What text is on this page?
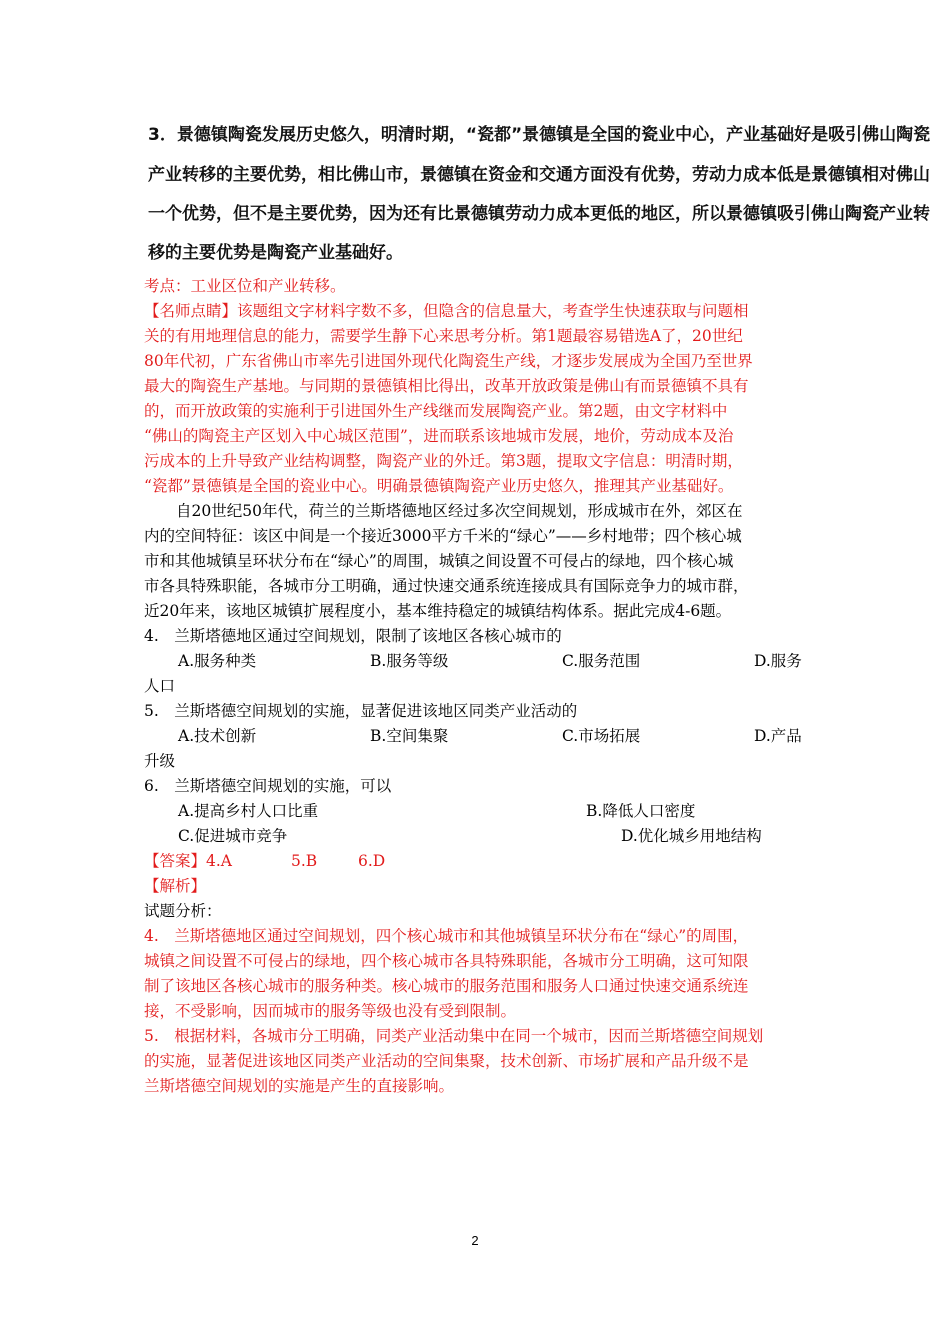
3．景德镇陶瓷发展历史悠久，明清时期，“瓷都”景德镇是全国的瓷业中心，产业基础好是吸引佛山陶瓷
产业转移的主要优势，相比佛山市，景德镇在资金和交通方面没有优势，劳动力成本低是景德镇相对佛山
一个优势，但不是主要优势，因为还有比景德镇劳动力成本更低的地区，所以景德镇吸引佛山陶瓷产业转
移的主要优势是陶瓷产业基础好。
考点：工业区位和产业转移。
【名师点睛】该题组文字材料字数不多，但隐含的信息量大，考查学生快速获取与问题相
关的有用地理信息的能力，需要学生静下心来思考分析。第1题最容易错选A了，20世纪
80年代初，广东省佛山市率先引进国外现代化陶瓷生产线，才逐步发展成为全国乃至世界
最大的陶瓷生产基地。与同期的景德镇相比得出，改革开放政策是佛山有而景德镇不具有
的，而开放政策的实施利于引进国外生产线继而发展陶瓷产业。第2题，由文字材料中
“佛山的陶瓷主产区划入中心城区范围”，进而联系该地城市发展，地价，劳动成本及治
污成本的上升导致产业结构调整，陶瓷产业的外迁。第3题，提取文字信息：明清时期，
“瓷都”景德镇是全国的瓷业中心。明确景德镇陶瓷产业历史悠久，推理其产业基础好。
自20世纪50年代，荷兰的兰斯塔德地区经过多次空间规划，形成城市在外，郊区在
内的空间特征：该区中间是一个接近3000平方千米的“绿心”——乡村地带；四个核心城
市和其他城镇呈环状分布在“绿心”的周围，城镇之间设置不可侵占的绿地，四个核心城
市各具特殊职能，各城市分工明确，通过快速交通系统连接成具有国际竞争力的城市群，
近20年来，该地区城镇扩展程度小，基本维持稳定的城镇结构体系。据此完成4-6题。
4.　兰斯塔德地区通过空间规划，限制了该地区各核心城市的
A.服务种类	B.服务等级	C.服务范围	D.服务
人口
5.　兰斯塔德空间规划的实施，显著促进该地区同类产业活动的
A.技术创新	B.空间集聚	C.市场拓展	D.产品
升级
6.　兰斯塔德空间规划的实施，可以
A.提高乡村人口比重	B.降低人口密度
C.促进城市竞争	D.优化城乡用地结构
【答案】 4.A	5.B	6.D
【解析】
试题分析：
4.　兰斯塔德地区通过空间规划，四个核心城市和其他城镇呈环状分布在“绿心”的周围，
城镇之间设置不可侵占的绿地，四个核心城市各具特殊职能，各城市分工明确，这可知限
制了该地区各核心城市的服务种类。核心城市的服务范围和服务人口通过快速交通系统连
接，不受影响，因而城市的服务等级也没有受到限制。
5.　根据材料，各城市分工明确，同类产业活动集中在同一个城市，因而兰斯塔德空间规划
的实施，显著促进该地区同类产业活动的空间集聚，技术创新、市场扩展和产品升级不是
兰斯塔德空间规划的实施是产生的直接影响。
2
